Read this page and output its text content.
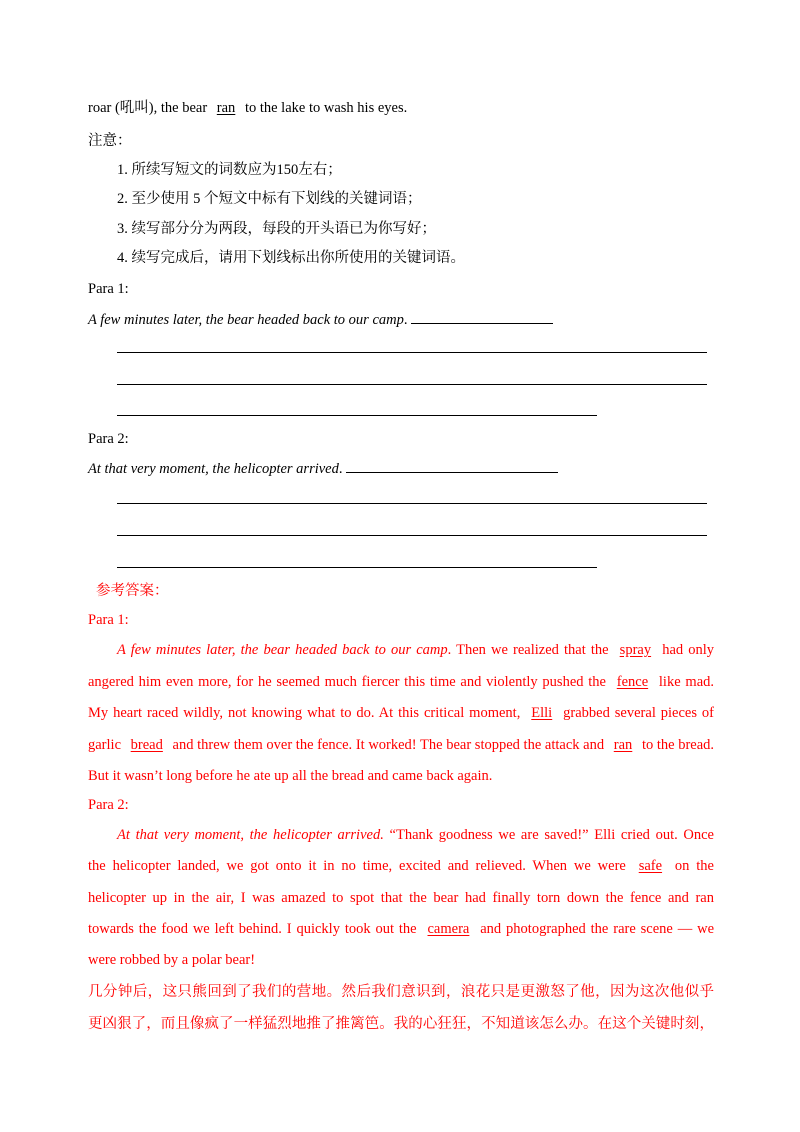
roar (吼叫), the bear ran to the lake to wash his eyes.
注意：
1. 所续写短文的词数应为150左右；
2. 至少使用 5 个短文中标有下划线的关键词语；
3. 续写部分分为两段，每段的开头语已为你写好；
4. 续写完成后，请用下划线标出你所使用的关键词语。
Para 1:
A few minutes later, the bear headed back to our camp.
Para 2:
At that very moment, the helicopter arrived.
参考答案：
Para 1:
A few minutes later, the bear headed back to our camp. Then we realized that the spray had only
angered him even more, for he seemed much fiercer this time and violently pushed the fence like mad.
My heart raced wildly, not knowing what to do. At this critical moment, Elli grabbed several pieces of
garlic bread and threw them over the fence. It worked! The bear stopped the attack and ran to the bread.
But it wasn’t long before he ate up all the bread and came back again.
Para 2:
At that very moment, the helicopter arrived. “Thank goodness we are saved!” Elli cried out. Once
the helicopter landed, we got onto it in no time, excited and relieved. When we were safe on the
helicopter up in the air, I was amazed to spot that the bear had finally torn down the fence and ran
towards the food we left behind. I quickly took out the camera and photographed the rare scene — we
were robbed by a polar bear!
几分钟后，这只熊回到了我们的营地。然后我们意识到，浪花只是更激怒了他，因为这次他似乎
更凶狠了，而且像疯了一样猛烈地推了推篱笆。我的心狂狂，不知道该怎么办。在这个关键时刻，
